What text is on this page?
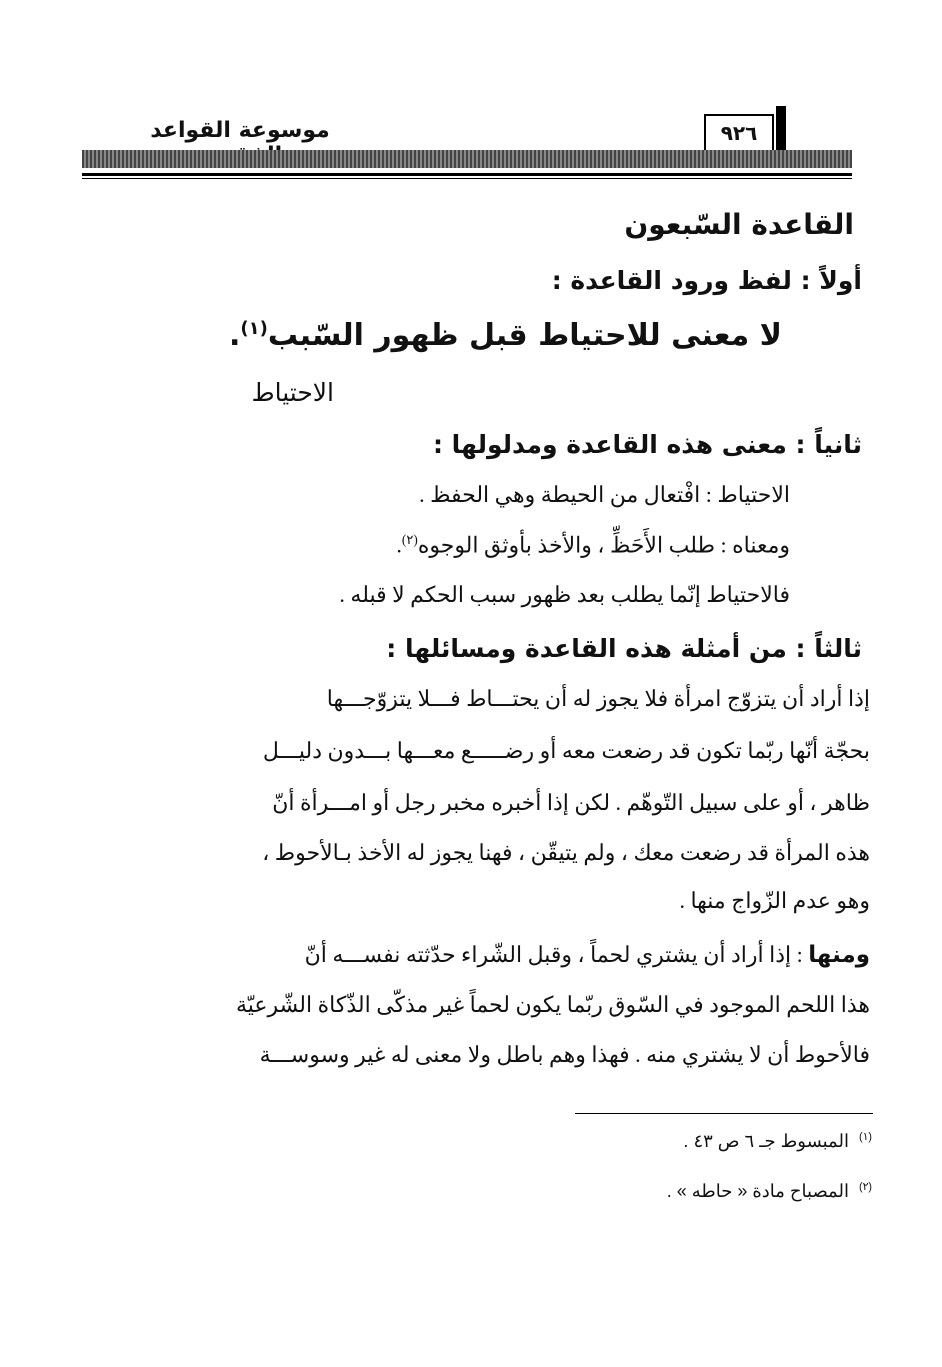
موسوعة القواعد	٩٢٦
القاعدة السّبعون
أولاً : لفظ ورود القاعدة :
لا معنى للاحتياط قبل ظهور السّبب$^{(١)}$.
الاحتياط
ثانياً : معنى هذه القاعدة ومدلولها :
الاحتياط : افْتعال من الحيطة وهي الحفظ .
ومعناه : طلب الأَحَظِّ ، والأخذ بأوثق الوجوه$^{(٢)}$.
فالاحتياط إنّما يطلب بعد ظهور سبب الحكم لا قبله .
ثالثاً : من أمثلة هذه القاعدة ومسائلها :
إذا أراد أن يتزوّج امرأة فلا يجوز له أن يحتـــاط فـــلا يتزوّجـــها
بحجّة أنّها ربّما تكون قد رضعت معه أو رضـــــع معـــها بـــدون دليـــل
ظاهر ، أو على سبيل التّوهّم . لكن إذا أخبره مخبر رجل أو امـــرأة أنّ
هذه المرأة قد رضعت معك ، ولم يتيقّن ، فهنا يجوز له الأخذ بـالأحوط ،
وهو عدم الزّواج منها .
ومنها : إذا أراد أن يشتري لحماً ، وقبل الشّراء حدّثته نفســـه أنّ
هذا اللحم الموجود في السّوق ربّما يكون لحماً غير مذكّى الذّكاة الشّرعيّة
فالأحوط أن لا يشتري منه . فهذا وهم باطل ولا معنى له غير وسوســـة
$^{(١)}$  المبسوط جـ ٦ ص ٤٣ .
$^{(٢)}$  المصباح مادة « حاطه » .
